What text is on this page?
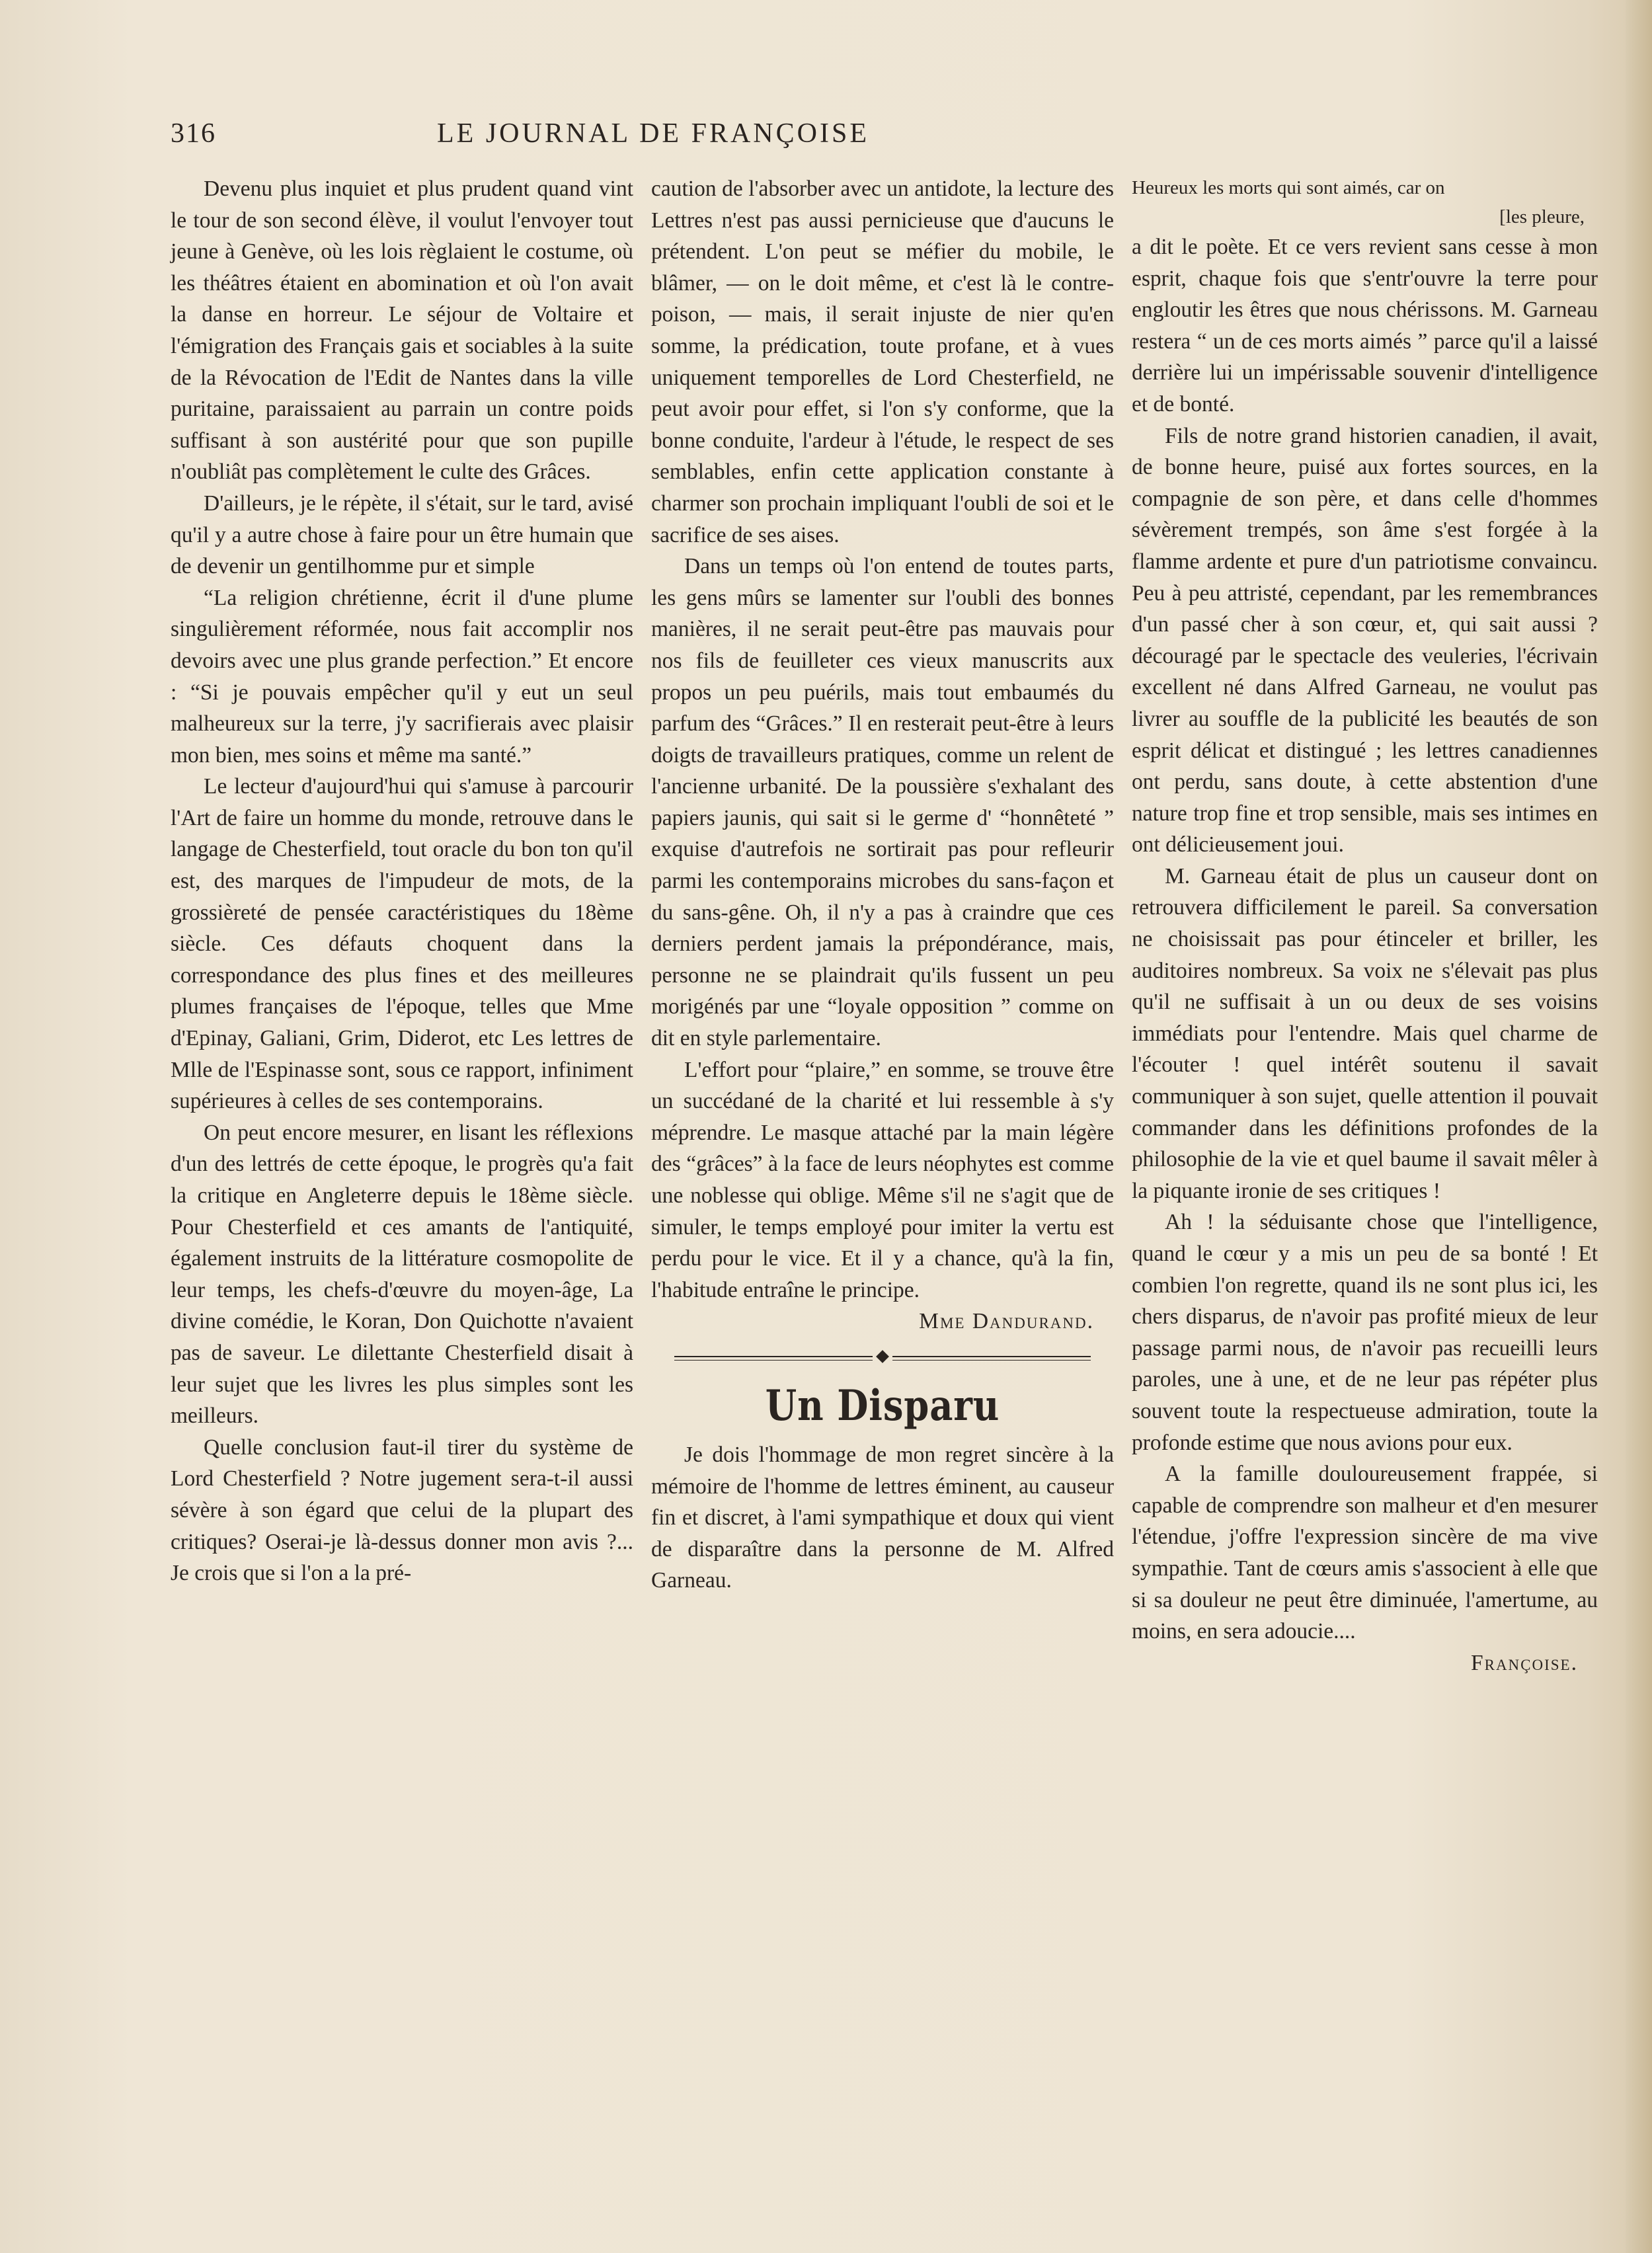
316	LE JOURNAL DE FRANÇOISE

Devenu plus inquiet et plus prudent quand vint le tour de son second élève, il voulut l'envoyer tout jeune à Genève, où les lois règlaient le costume, où les théâtres étaient en abomination et où l'on avait la danse en horreur. Le séjour de Voltaire et l'émigration des Français gais et sociables à la suite de la Révocation de l'Edit de Nantes dans la ville puritaine, paraissaient au parrain un contre poids suffisant à son austérité pour que son pupille n'oubliât pas complètement le culte des Grâces.

D'ailleurs, je le répète, il s'était, sur le tard, avisé qu'il y a autre chose à faire pour un être humain que de devenir un gentilhomme pur et simple

“La religion chrétienne, écrit il d'une plume singulièrement réformée, nous fait accomplir nos devoirs avec une plus grande perfection.” Et encore : “Si je pouvais empêcher qu'il y eut un seul malheureux sur la terre, j'y sacrifierais avec plaisir mon bien, mes soins et même ma santé.”

Le lecteur d'aujourd'hui qui s'amuse à parcourir l'Art de faire un homme du monde, retrouve dans le langage de Chesterfield, tout oracle du bon ton qu'il est, des marques de l'impudeur de mots, de la grossièreté de pensée caractéristiques du 18ème siècle. Ces défauts choquent dans la correspondance des plus fines et des meilleures plumes françaises de l'époque, telles que Mme d'Epinay, Galiani, Grim, Diderot, etc Les lettres de Mlle de l'Espinasse sont, sous ce rapport, infiniment supérieures à celles de ses contemporains.

On peut encore mesurer, en lisant les réflexions d'un des lettrés de cette époque, le progrès qu'a fait la critique en Angleterre depuis le 18ème siècle. Pour Chesterfield et ces amants de l'antiquité, également instruits de la littérature cosmopolite de leur temps, les chefs-d'œuvre du moyen-âge, La divine comédie, le Koran, Don Quichotte n'avaient pas de saveur. Le dilettante Chesterfield disait à leur sujet que les livres les plus simples sont les meilleurs.

Quelle conclusion faut-il tirer du système de Lord Chesterfield ? Notre jugement sera-t-il aussi sévère à son égard que celui de la plupart des critiques? Oserai-je là-dessus donner mon avis ?... Je crois que si l'on a la pré-

caution de l'absorber avec un antidote, la lecture des Lettres n'est pas aussi pernicieuse que d'aucuns le prétendent. L'on peut se méfier du mobile, le blâmer, — on le doit même, et c'est là le contre-poison, — mais, il serait injuste de nier qu'en somme, la prédication, toute profane, et à vues uniquement temporelles de Lord Chesterfield, ne peut avoir pour effet, si l'on s'y conforme, que la bonne conduite, l'ardeur à l'étude, le respect de ses semblables, enfin cette application constante à charmer son prochain impliquant l'oubli de soi et le sacrifice de ses aises.

Dans un temps où l'on entend de toutes parts, les gens mûrs se lamenter sur l'oubli des bonnes manières, il ne serait peut-être pas mauvais pour nos fils de feuilleter ces vieux manuscrits aux propos un peu puérils, mais tout embaumés du parfum des “Grâces.” Il en resterait peut-être à leurs doigts de travailleurs pratiques, comme un relent de l'ancienne urbanité. De la poussière s'exhalant des papiers jaunis, qui sait si le germe d' “honnêteté ” exquise d'autrefois ne sortirait pas pour refleurir parmi les contemporains microbes du sans-façon et du sans-gêne. Oh, il n'y a pas à craindre que ces derniers perdent jamais la prépondérance, mais, personne ne se plaindrait qu'ils fussent un peu morigénés par une “loyale opposition ” comme on dit en style parlementaire.

L'effort pour “plaire,” en somme, se trouve être un succédané de la charité et lui ressemble à s'y méprendre. Le masque attaché par la main légère des “grâces” à la face de leurs néophytes est comme une noblesse qui oblige. Même s'il ne s'agit que de simuler, le temps employé pour imiter la vertu est perdu pour le vice. Et il y a chance, qu'à la fin, l'habitude entraîne le principe.

Mme Dandurand.

Un Disparu

Je dois l'hommage de mon regret sincère à la mémoire de l'homme de lettres éminent, au causeur fin et discret, à l'ami sympathique et doux qui vient de disparaître dans la personne de M. Alfred Garneau.

Heureux les morts qui sont aimés, car on

[les pleure,

a dit le poète. Et ce vers revient sans cesse à mon esprit, chaque fois que s'entr'ouvre la terre pour engloutir les êtres que nous chérissons. M. Garneau restera “ un de ces morts aimés ” parce qu'il a laissé derrière lui un impérissable souvenir d'intelligence et de bonté.

Fils de notre grand historien canadien, il avait, de bonne heure, puisé aux fortes sources, en la compagnie de son père, et dans celle d'hommes sévèrement trempés, son âme s'est forgée à la flamme ardente et pure d'un patriotisme convaincu. Peu à peu attristé, cependant, par les remembrances d'un passé cher à son cœur, et, qui sait aussi ? découragé par le spectacle des veuleries, l'écrivain excellent né dans Alfred Garneau, ne voulut pas livrer au souffle de la publicité les beautés de son esprit délicat et distingué ; les lettres canadiennes ont perdu, sans doute, à cette abstention d'une nature trop fine et trop sensible, mais ses intimes en ont délicieusement joui.

M. Garneau était de plus un causeur dont on retrouvera difficilement le pareil. Sa conversation ne choisissait pas pour étinceler et briller, les auditoires nombreux. Sa voix ne s'élevait pas plus qu'il ne suffisait à un ou deux de ses voisins immédiats pour l'entendre. Mais quel charme de l'écouter ! quel intérêt soutenu il savait communiquer à son sujet, quelle attention il pouvait commander dans les définitions profondes de la philosophie de la vie et quel baume il savait mêler à la piquante ironie de ses critiques !

Ah ! la séduisante chose que l'intelligence, quand le cœur y a mis un peu de sa bonté ! Et combien l'on regrette, quand ils ne sont plus ici, les chers disparus, de n'avoir pas profité mieux de leur passage parmi nous, de n'avoir pas recueilli leurs paroles, une à une, et de ne leur pas répéter plus souvent toute la respectueuse admiration, toute la profonde estime que nous avions pour eux.

A la famille douloureusement frappée, si capable de comprendre son malheur et d'en mesurer l'étendue, j'offre l'expression sincère de ma vive sympathie. Tant de cœurs amis s'associent à elle que si sa douleur ne peut être diminuée, l'amertume, au moins, en sera adoucie....

Françoise.
